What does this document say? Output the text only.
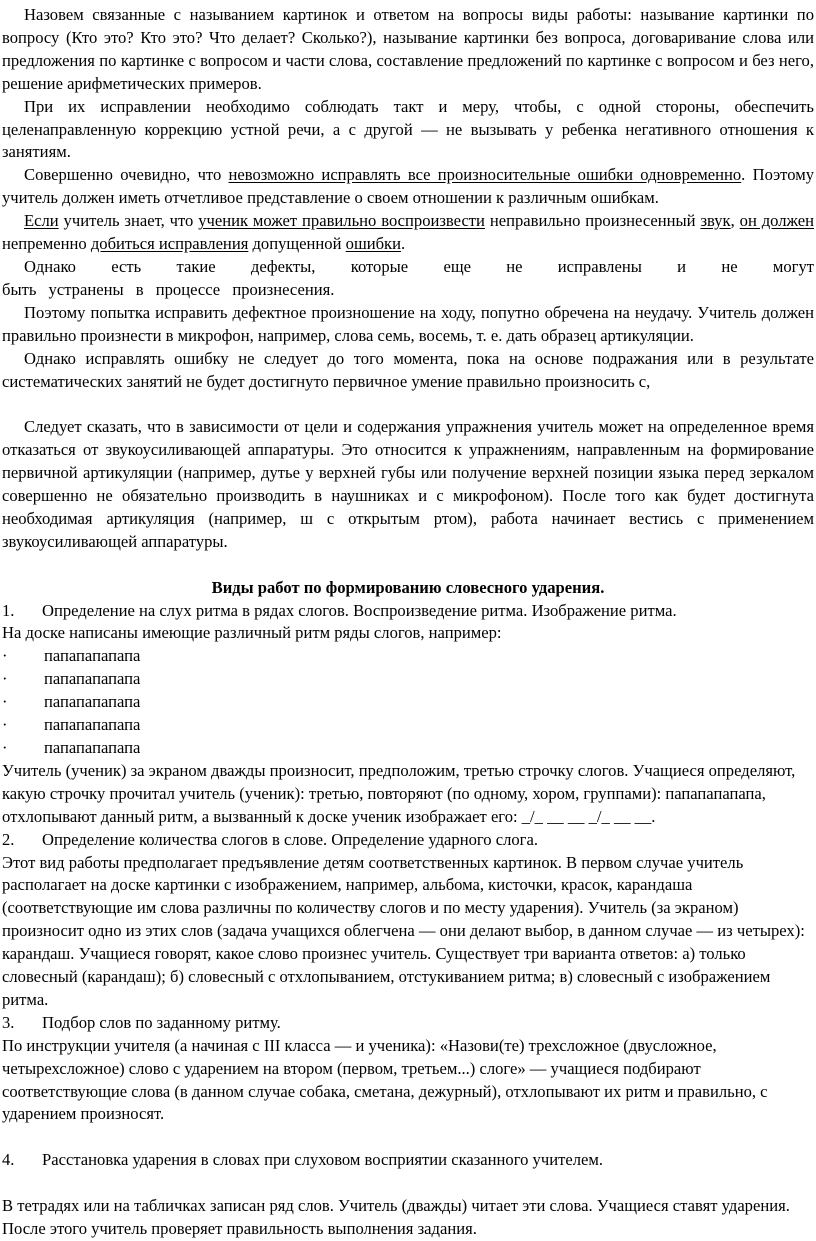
Назовем связанные с называнием картинок и ответом на вопросы виды работы: называние картинки по вопросу (Кто это? Кто это? Что делает? Сколько?), называние картинки без вопроса, договаривание слова или предложения по картинке с вопросом и части слова, составление предложений по картинке с вопросом и без него, решение арифметических примеров.

При их исправлении необходимо соблюдать такт и меру, чтобы, с одной стороны, обеспечить целенаправленную коррекцию устной речи, а с другой — не вызывать у ребенка негативного отношения к занятиям.

Совершенно очевидно, что невозможно исправлять все произносительные ошибки одновременно. Поэтому учитель должен иметь отчетливое представление о своем отношении к различным ошибкам.

Если учитель знает, что ученик может правильно воспроизвести неправильно произнесенный звук, он должен непременно добиться исправления допущенной ошибки.

Однако есть такие дефекты, которые еще не исправлены и не могут

быть устранены в процессе произнесения.

Поэтому попытка исправить дефектное произношение на ходу, попутно обречена на неудачу. Учитель должен правильно произнести в микрофон, например, слова семь, восемь, т. е. дать образец артикуляции.

Однако исправлять ошибку не следует до того момента, пока на основе подражания или в результате систематических занятий не будет достигнуто первичное умение правильно произносить с,

Следует сказать, что в зависимости от цели и содержания упражнения учитель может на определенное время отказаться от звукоусиливающей аппаратуры. Это относится к упражнениям, направленным на формирование первичной артикуляции (например, дутье у верхней губы или получение верхней позиции языка перед зеркалом совершенно не обязательно производить в наушниках и с микрофоном). После того как будет достигнута необходимая артикуляция (например, ш с открытым ртом), работа начинает вестись с применением звукоусиливающей аппаратуры.

Виды работ по формированию словесного ударения.

1.	Определение на слух ритма в рядах слогов. Воспроизведение ритма. Изображение ритма.

На доске написаны имеющие различный ритм ряды слогов, например:

·	папапапапапа
·	папапапапапа
·	папапапапапа
·	папапапапапа
·	папапапапапа

Учитель (ученик) за экраном дважды произносит, предположим, третью строчку слогов. Учащиеся определяют, какую строчку прочитал учитель (ученик): третью, повторяют (по одному, хором, группами): папапапапапа, отхлопывают данный ритм, а вызванный к доске ученик изображает его: _/_ __ __ _/_ __ __.

2.	Определение количества слогов в слове. Определение ударного слога.

Этот вид работы предполагает предъявление детям соответственных картинок. В первом случае учитель располагает на доске картинки с изображением, например, альбома, кисточки, красок, карандаша (соответствующие им слова различны по количеству слогов и по месту ударения). Учитель (за экраном) произносит одно из этих слов (задача учащихся облегчена — они делают выбор, в данном случае — из четырех): карандаш. Учащиеся говорят, какое слово произнес учитель. Существует три варианта ответов: а) только словесный (карандаш); б) словесный с отхлопыванием, отстукиванием ритма; в) словесный с изображением ритма.

3.	Подбор слов по заданному ритму.

По инструкции учителя (а начиная с III класса — и ученика): «Назови(те) трехсложное (двусложное, четырехсложное) слово с ударением на втором (первом, третьем...) слоге» — учащиеся подбирают соответствующие слова (в данном случае собака, сметана, дежурный), отхлопывают их ритм и правильно, с ударением произносят.

4.	Расстановка ударения в словах при слуховом восприятии сказанного учителем.

В тетрадях или на табличках записан ряд слов. Учитель (дважды) читает эти слова. Учащиеся ставят ударения. После этого учитель проверяет правильность выполнения задания.
